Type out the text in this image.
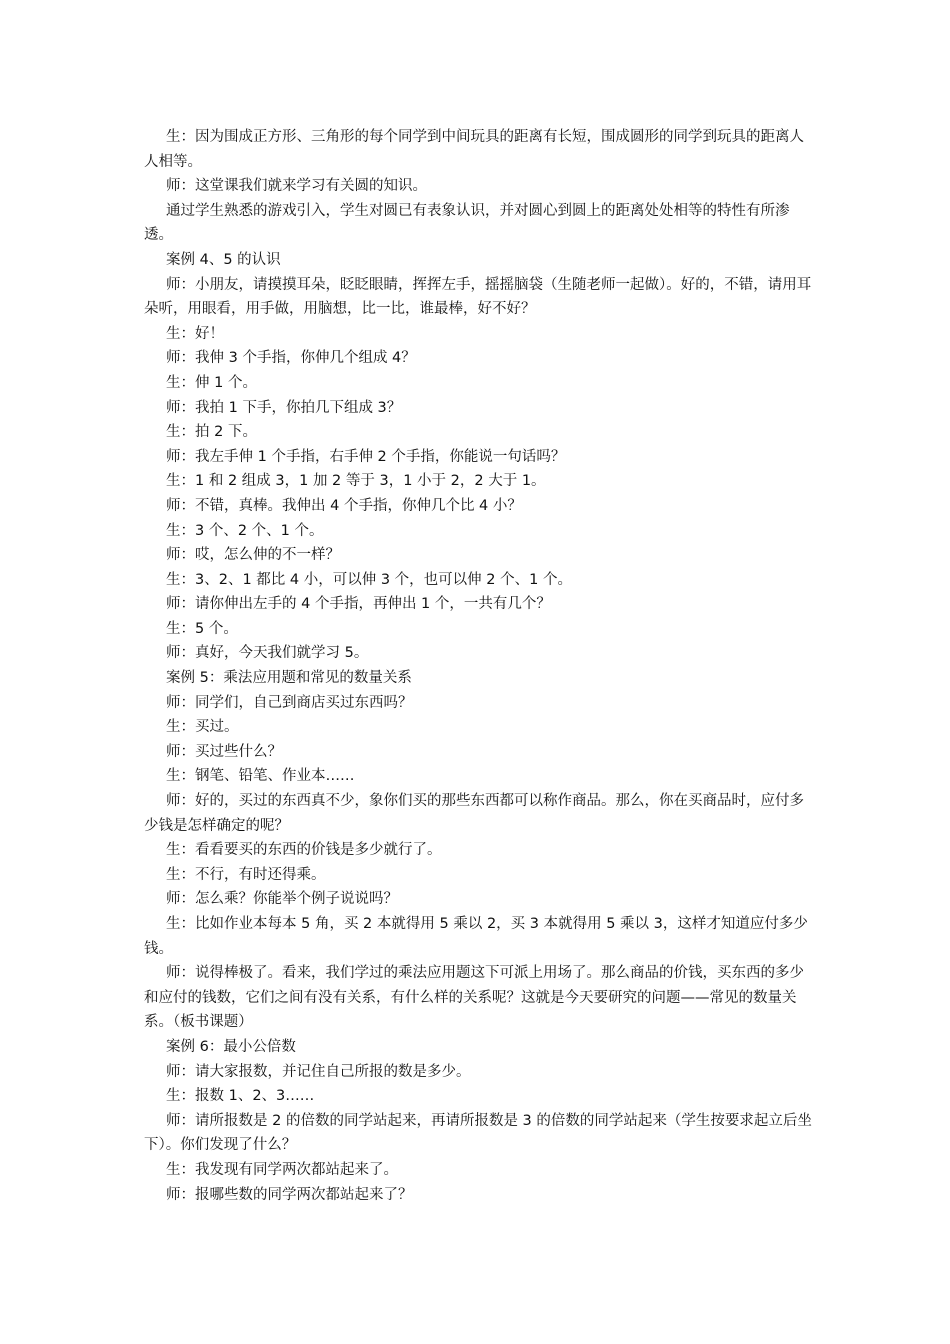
生：因为围成正方形、三角形的每个同学到中间玩具的距离有长短，围成圆形的同学到玩具的距离人人相等。

师：这堂课我们就来学习有关圆的知识。

通过学生熟悉的游戏引入，学生对圆已有表象认识，并对圆心到圆上的距离处处相等的特性有所渗透。

案例 4、5 的认识

师：小朋友，请摸摸耳朵，眨眨眼睛，挥挥左手，摇摇脑袋（生随老师一起做）。好的，不错，请用耳朵听，用眼看，用手做，用脑想，比一比，谁最棒，好不好？

生：好！

师：我伸 3 个手指，你伸几个组成 4？

生：伸 1 个。

师：我拍 1 下手，你拍几下组成 3？

生：拍 2 下。

师：我左手伸 1 个手指，右手伸 2 个手指，你能说一句话吗？

生：1 和 2 组成 3，1 加 2 等于 3，1 小于 2，2 大于 1。

师：不错，真棒。我伸出 4 个手指，你伸几个比 4 小？

生：3 个、2 个、1 个。

师：哎，怎么伸的不一样？

生：3、2、1 都比 4 小，可以伸 3 个，也可以伸 2 个、1 个。

师：请你伸出左手的 4 个手指，再伸出 1 个，一共有几个？

生：5 个。

师：真好，今天我们就学习 5。

案例 5：乘法应用题和常见的数量关系

师：同学们，自己到商店买过东西吗？

生：买过。

师：买过些什么？

生：钢笔、铅笔、作业本……

师：好的，买过的东西真不少，象你们买的那些东西都可以称作商品。那么，你在买商品时，应付多少钱是怎样确定的呢？

生：看看要买的东西的价钱是多少就行了。

生：不行，有时还得乘。

师：怎么乘？你能举个例子说说吗？

生：比如作业本每本 5 角，买 2 本就得用 5 乘以 2，买 3 本就得用 5 乘以 3，这样才知道应付多少钱。

师：说得棒极了。看来，我们学过的乘法应用题这下可派上用场了。那么商品的价钱，买东西的多少和应付的钱数，它们之间有没有关系，有什么样的关系呢？这就是今天要研究的问题——常见的数量关系。（板书课题）

案例 6：最小公倍数

师：请大家报数，并记住自己所报的数是多少。

生：报数 1、2、3……

师：请所报数是 2 的倍数的同学站起来，再请所报数是 3 的倍数的同学站起来（学生按要求起立后坐下）。你们发现了什么？

生：我发现有同学两次都站起来了。

师：报哪些数的同学两次都站起来了？
